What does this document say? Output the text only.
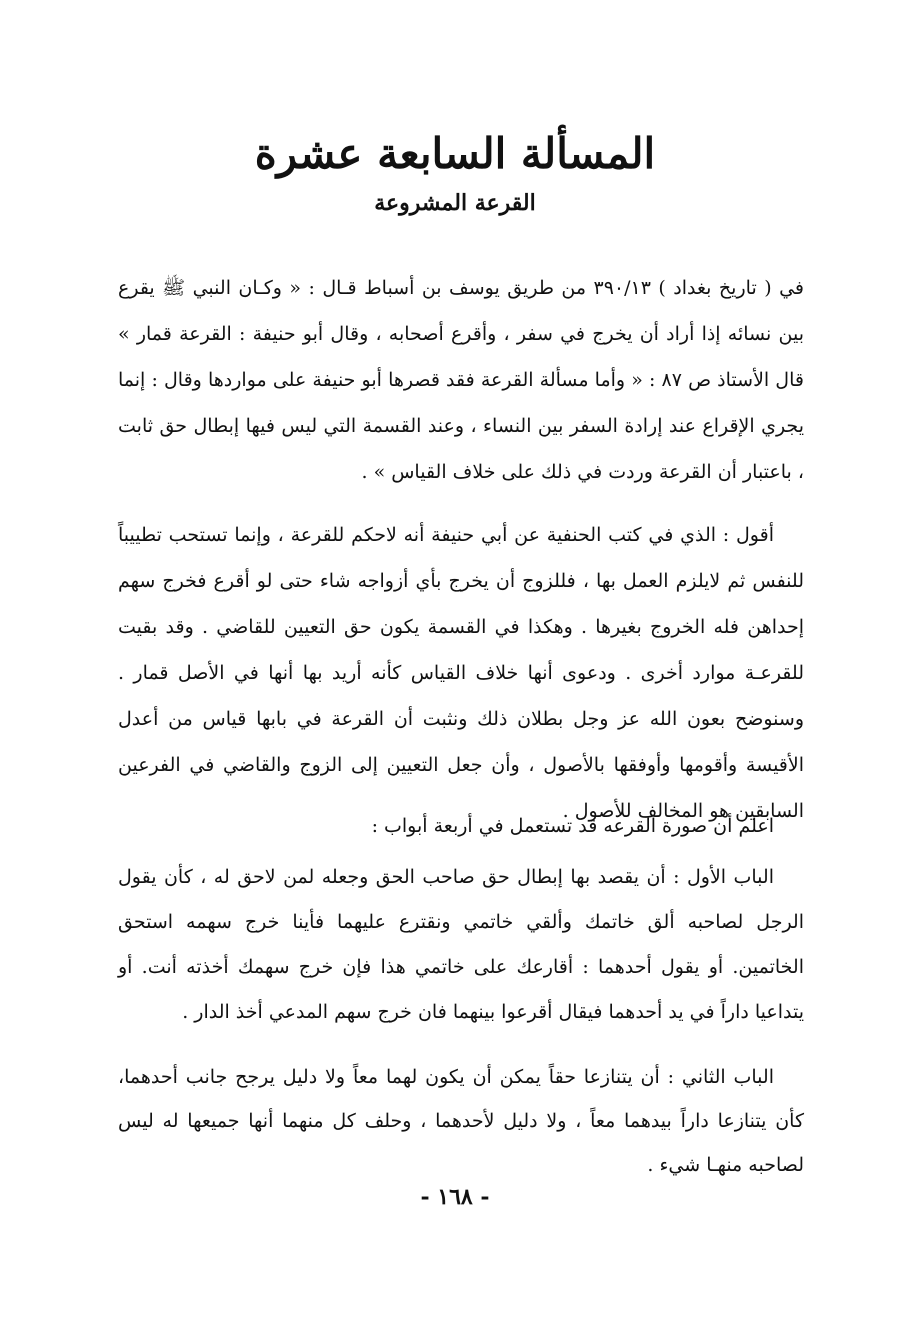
المسألة السابعة عشرة
القرعة المشروعة

في ( تاريخ بغداد ) ۳۹۰/۱۳ من طريق يوسف بن أسباط قـال : « وكـان النبي ﷺ يقرع بين نسائه إذا أراد أن يخرج في سفر ، وأقرع أصحابه ، وقال أبو حنيفة : القرعة قمار » قال الأستاذ ص ۸۷ : « وأما مسألة القرعة فقد قصرها أبو حنيفة على مواردها وقال : إنما يجري الإقراع عند إرادة السفر بين النساء ، وعند القسمة التي ليس فيها إبطال حق ثابت ، باعتبار أن القرعة وردت في ذلك على خلاف القياس » .

أقول : الذي في كتب الحنفية عن أبي حنيفة أنه لاحكم للقرعة ، وإنما تستحب تطييباً للنفس ثم لايلزم العمل بها ، فللزوج أن يخرج بأي أزواجه شاء حتى لو أقرع فخرج سهم إحداهن فله الخروج بغيرها . وهكذا في القسمة يكون حق التعيين للقاضي . وقد بقيت للقرعـة موارد أخرى . ودعوى أنها خلاف القياس كأنه أريد بها أنها في الأصل قمار . وسنوضح بعون الله عز وجل بطلان ذلك ونثبت أن القرعة في بابها قياس من أعدل الأقيسة وأقومها وأوفقها بالأصول ، وأن جعل التعيين إلى الزوج والقاضي في الفرعين السابقين هو المخالف للأصول .

اعلم أن صورة القرعه قد تستعمل في أربعة أبواب :

الباب الأول : أن يقصد بها إبطال حق صاحب الحق وجعله لمن لاحق له ، كأن يقول الرجل لصاحبه ألق خاتمك وألقي خاتمي ونقترع عليهما فأينا خرج سهمه استحق الخاتمين. أو يقول أحدهما : أقارعك على خاتمي هذا فإن خرج سهمك أخذته أنت. أو يتداعيا داراً في يد أحدهما فيقال أقرعوا بينهما فان خرج سهم المدعي أخذ الدار .

الباب الثاني : أن يتنازعا حقاً يمكن أن يكون لهما معاً ولا دليل يرجح جانب أحدهما، كأن يتنازعا داراً بيدهما معاً ، ولا دليل لأحدهما ، وحلف كل منهما أنها جميعها له ليس لصاحبه منهـا شيء .

- ١٦٨ -
